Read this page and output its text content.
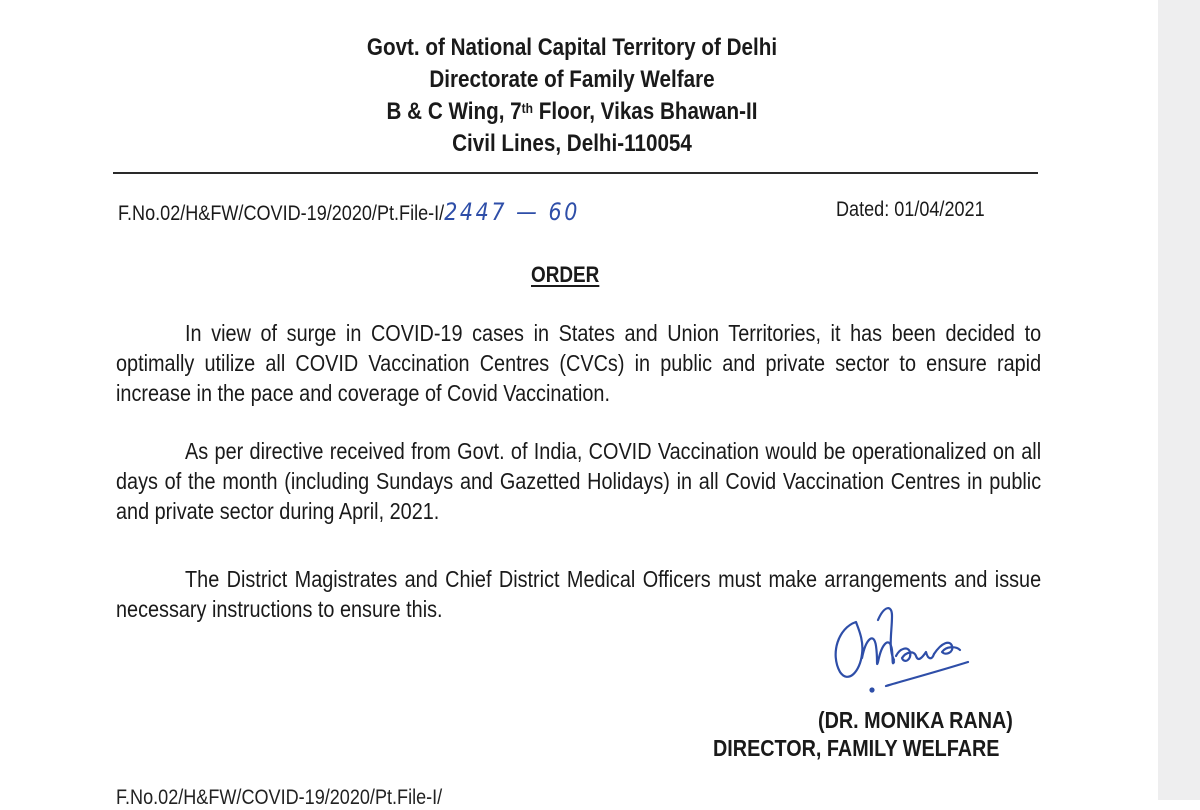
Govt. of National Capital Territory of Delhi
Directorate of Family Welfare
B & C Wing, 7th Floor, Vikas Bhawan-II
Civil Lines, Delhi-110054
F.No.02/H&FW/COVID-19/2020/Pt.File-I/2447 — 60	Dated: 01/04/2021
ORDER
In view of surge in COVID-19 cases in States and Union Territories, it has been decided to optimally utilize all COVID Vaccination Centres (CVCs) in public and private sector to ensure rapid increase in the pace and coverage of Covid Vaccination.
As per directive received from Govt. of India, COVID Vaccination would be operationalized on all days of the month (including Sundays and Gazetted Holidays) in all Covid Vaccination Centres in public and private sector during April, 2021.
The District Magistrates and Chief District Medical Officers must make arrangements and issue necessary instructions to ensure this.
(DR. MONIKA RANA)
DIRECTOR, FAMILY WELFARE
F.No.02/H&FW/COVID-19/2020/Pt.File-I/
